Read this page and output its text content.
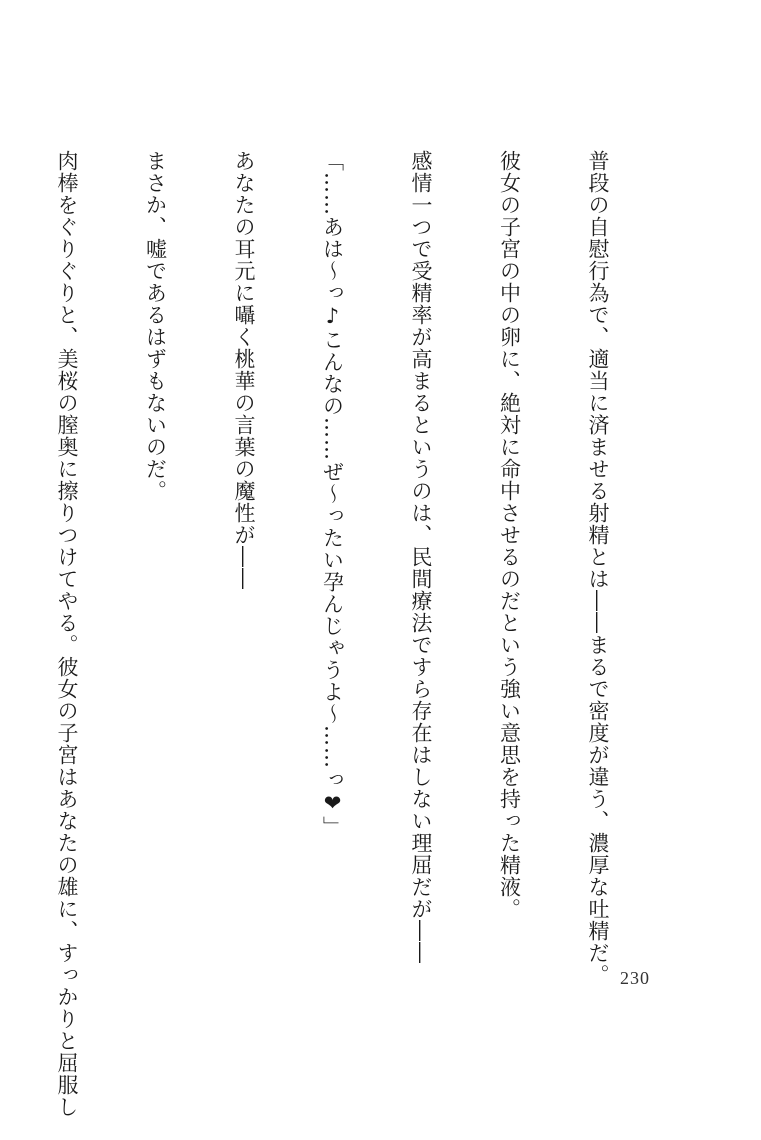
普段の自慰行為で、適当に済ませる射精とは――まるで密度が違う、濃厚な吐精だ。

彼女の子宮の中の卵に、絶対に命中させるのだという強い意思を持った精液。

感情一つで受精率が高まるというのは、民間療法ですら存在はしない理屈だが――

「……あは～っ♪こんなの……ぜ～ったい孕んじゃうよ～……っ❤」

あなたの耳元に囁く桃華の言葉の魔性が――

まさか、嘘であるはずもないのだ。

肉棒をぐりぐりと、美桜の膣奥に擦りつけてやる。彼女の子宮はあなたの雄に、すっかりと屈服し

	230
